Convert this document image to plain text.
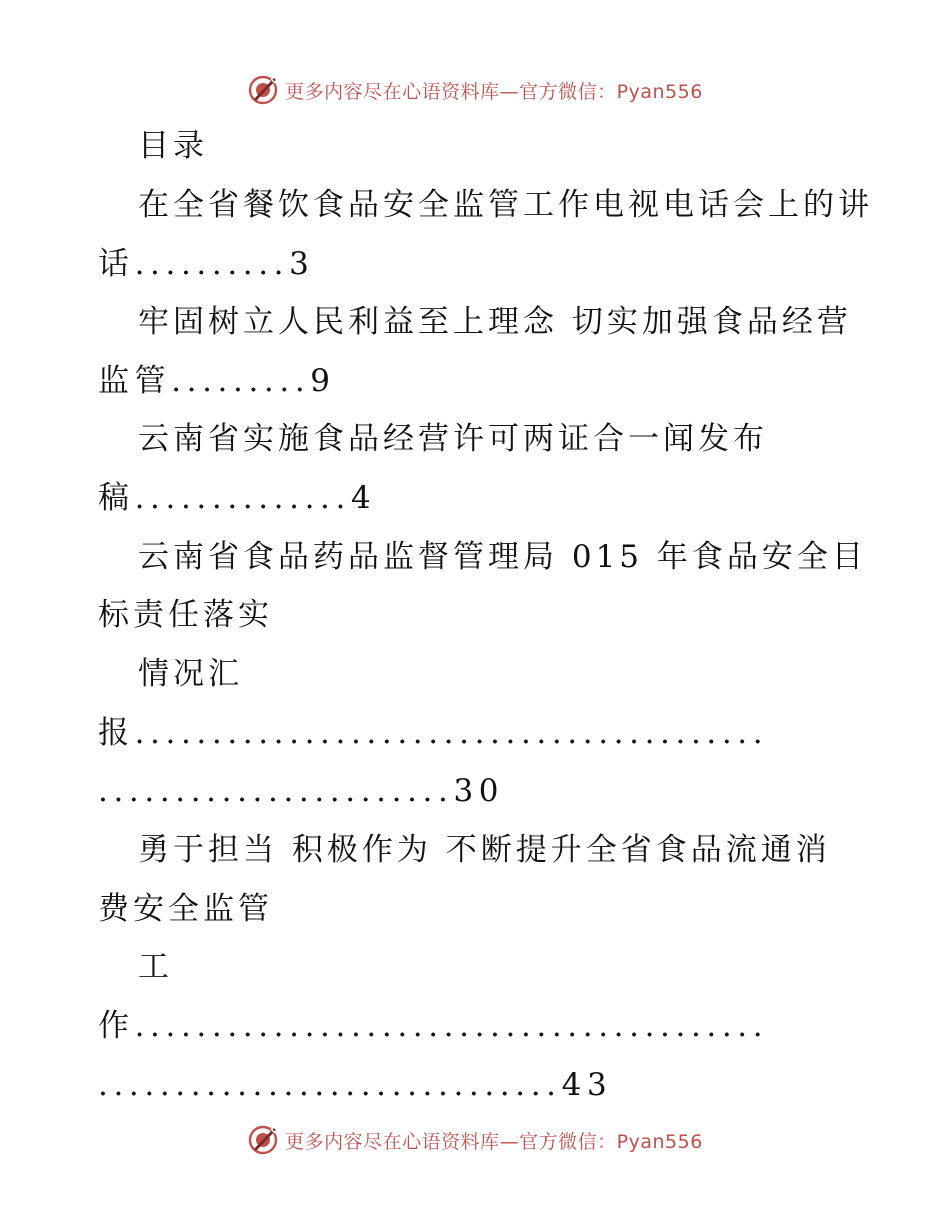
更多内容尽在心语资料库—官方微信：Pyan556
目录
在全省餐饮食品安全监管工作电视电话会上的讲
话..........3
牢固树立人民利益至上理念 切实加强食品经营
监管.........9
云南省实施食品经营许可两证合一闻发布
稿..............4
云南省食品药品监督管理局 015 年食品安全目
标责任落实
情况汇
报.........................................
.......................30
勇于担当 积极作为 不断提升全省食品流通消
费安全监管
工
作.........................................
..............................43
更多内容尽在心语资料库—官方微信：Pyan556
